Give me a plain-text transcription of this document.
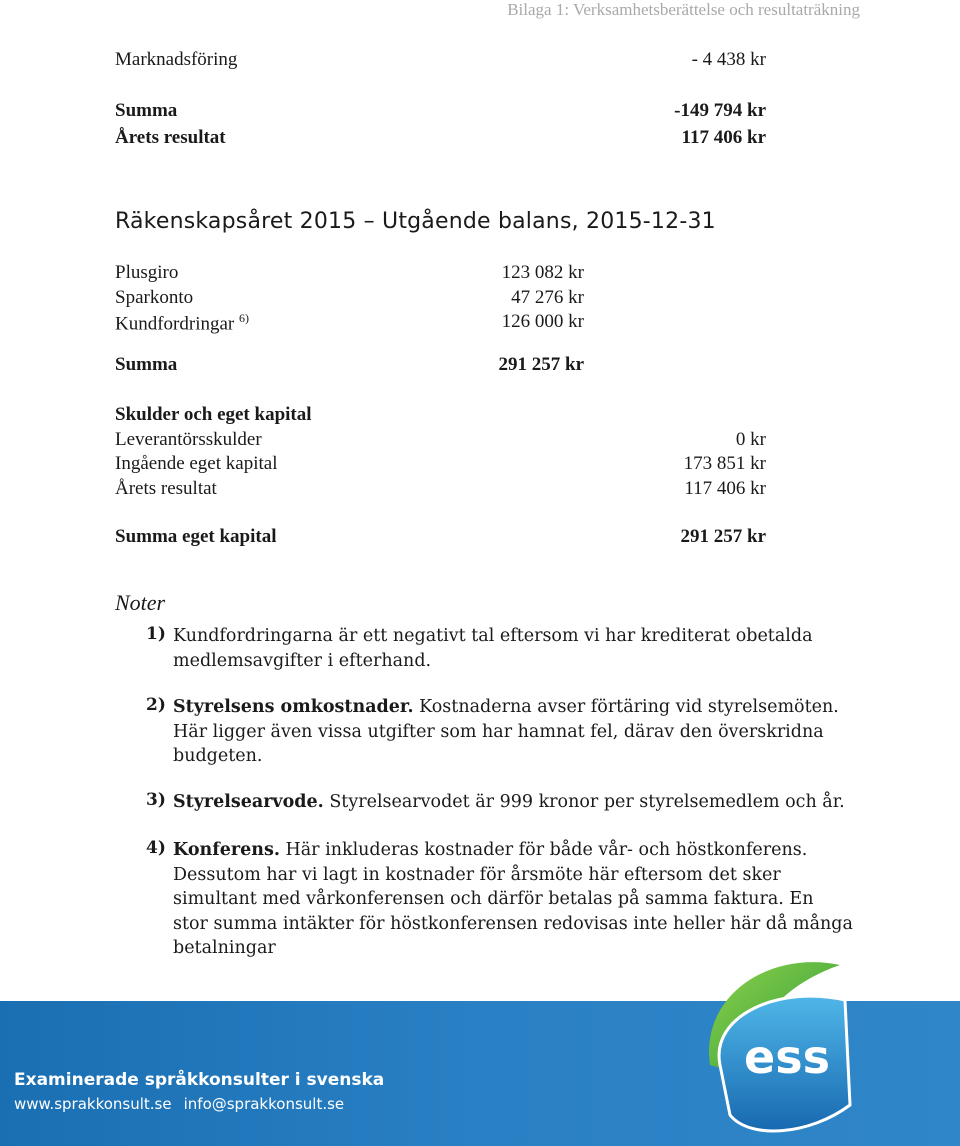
Bilaga 1: Verksamhetsberättelse och resultaträkning
Marknadsföring	- 4 438 kr
Summa	-149 794 kr
Årets resultat	117 406 kr
Räkenskapsåret 2015 – Utgående balans, 2015-12-31
Plusgiro	123 082 kr
Sparkonto	47 276 kr
Kundfordringar $^{6)}$	126 000 kr
Summa	291 257 kr
Skulder och eget kapital
Leverantörsskulder	0 kr
Ingående eget kapital	173 851 kr
Årets resultat	117 406 kr
Summa eget kapital	291 257 kr
Noter
1) Kundfordringarna är ett negativt tal eftersom vi har krediterat obetalda medlemsavgifter i efterhand.
2) Styrelsens omkostnader. Kostnaderna avser förtäring vid styrelsemöten. Här ligger även vissa utgifter som har hamnat fel, därav den överskridna budgeten.
3) Styrelsearvode. Styrelsearvodet är 999 kronor per styrelsemedlem och år.
4) Konferens. Här inkluderas kostnader för både vår- och höstkonferens. Dessutom har vi lagt in kostnader för årsmöte här eftersom det sker simultant med vårkonferensen och därför betalas på samma faktura. En stor summa intäkter för höstkonferensen redovisas inte heller här då många betalningar
ess
Examinerade språkkonsulter i svenska
www.sprakkonsult.se info@sprakkonsult.se
